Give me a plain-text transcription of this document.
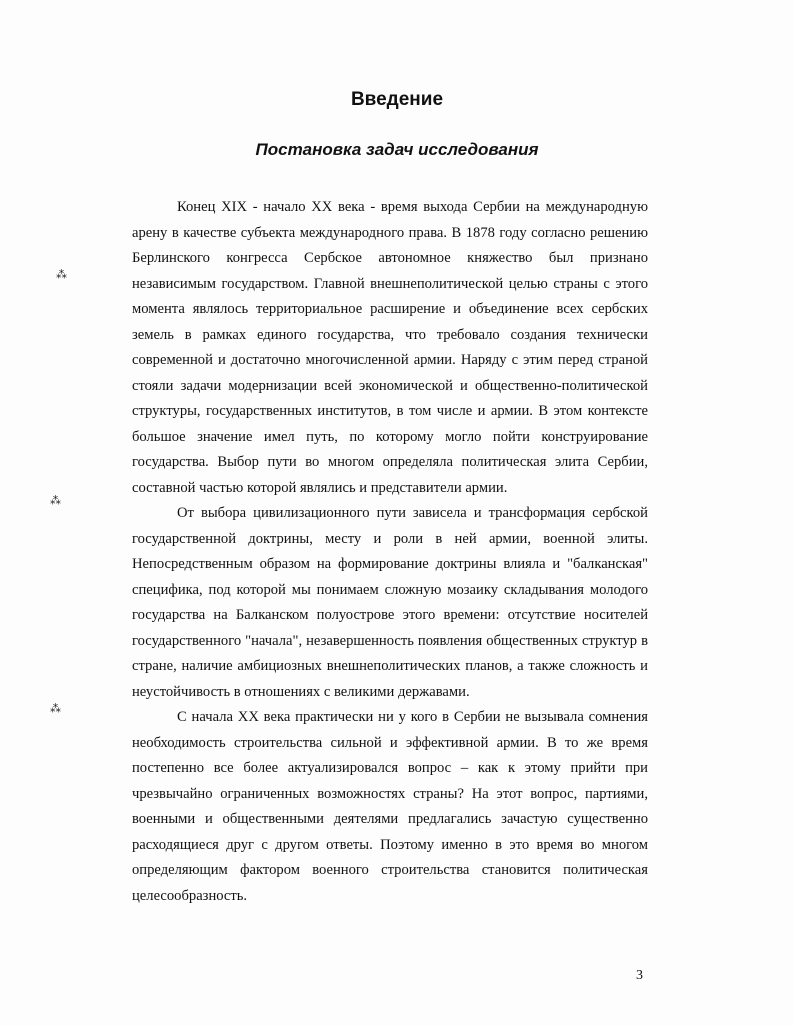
Введение
Постановка задач исследования

Конец XIX - начало XX века - время выхода Сербии на международную арену в качестве субъекта международного права. В 1878 году согласно решению Берлинского конгресса Сербское автономное княжество был признано независимым государством. Главной внешнеполитической целью страны с этого момента являлось территориальное расширение и объединение всех сербских земель в рамках единого государства, что требовало создания технически современной и достаточно многочисленной армии. Наряду с этим перед страной стояли задачи модернизации всей экономической и общественно-политической структуры, государственных институтов, в том числе и армии. В этом контексте большое значение имел путь, по которому могло пойти конструирование государства. Выбор пути во многом определяла политическая элита Сербии, составной частью которой являлись и представители армии.

От выбора цивилизационного пути зависела и трансформация сербской государственной доктрины, месту и роли в ней армии, военной элиты. Непосредственным образом на формирование доктрины влияла и "балканская" специфика, под которой мы понимаем сложную мозаику складывания молодого государства на Балканском полуострове этого времени: отсутствие носителей государственного "начала", незавершенность появления общественных структур в стране, наличие амбициозных внешнеполитических планов, а также сложность и неустойчивость в отношениях с великими державами.

С начала XX века практически ни у кого в Сербии не вызывала сомнения необходимость строительства сильной и эффективной армии. В то же время постепенно все более актуализировался вопрос – как к этому прийти при чрезвычайно ограниченных возможностях страны? На этот вопрос, партиями, военными и общественными деятелями предлагались зачастую существенно расходящиеся друг с другом ответы. Поэтому именно в это время во многом определяющим фактором военного строительства становится политическая целесообразность.

⁂
⁂
⁂
3
